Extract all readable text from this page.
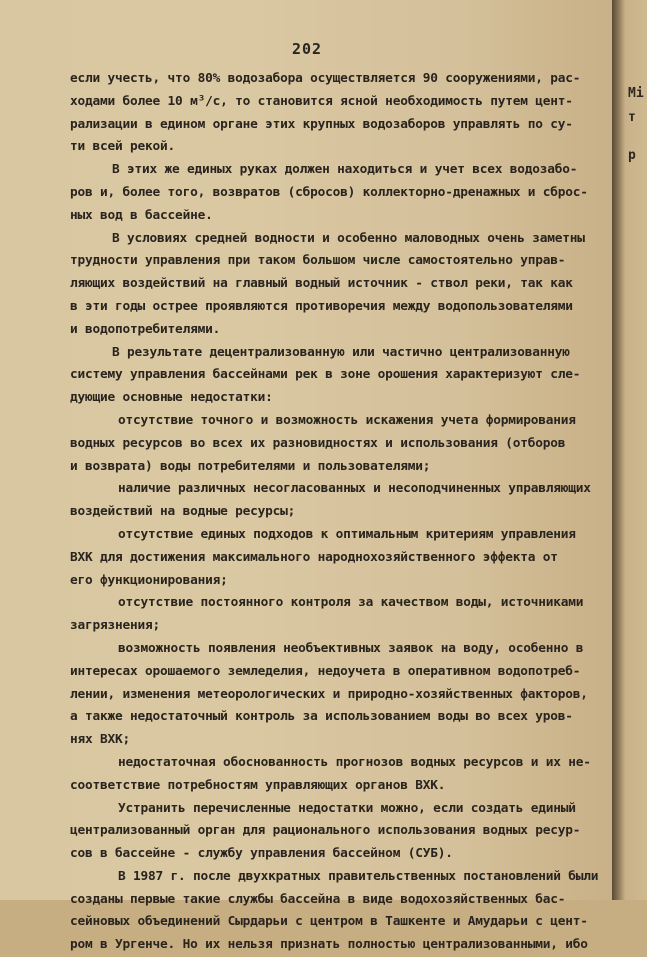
202
если учесть, что 80% водозабора осуществляется 90 сооружениями, рас-
ходами более 10 м³/с, то становится ясной необходимость путем цент-
рализации в едином органе этих крупных водозаборов управлять по су-
ти всей рекой.
В этих же единых руках должен находиться и учет всех водозабо-
ров и, более того, возвратов (сбросов) коллекторно-дренажных и сброс-
ных вод в бассейне.
В условиях средней водности и особенно маловодных очень заметны
трудности управления при таком большом числе самостоятельно управ-
ляющих воздействий на главный водный источник - ствол реки, так как
в эти годы острее проявляются противоречия между водопользователями
и водопотребителями.
В результате децентрализованную или частично централизованную
систему управления бассейнами рек в зоне орошения характеризуют сле-
дующие основные недостатки:
отсутствие точного и возможность искажения учета формирования
водных ресурсов во всех их разновидностях и использования (отборов
и возврата) воды потребителями и пользователями;
наличие различных несогласованных и несоподчиненных управляющих
воздействий на водные ресурсы;
отсутствие единых подходов к оптимальным критериям управления
ВХК для достижения максимального народнохозяйственного эффекта от
его функционирования;
отсутствие постоянного контроля за качеством воды, источниками
загрязнения;
возможность появления необъективных заявок на воду, особенно в
интересах орошаемого земледелия, недоучета в оперативном водопотреб-
лении, изменения метеорологических и природно-хозяйственных факторов,
а также недостаточный контроль за использованием воды во всех уров-
нях ВХК;
недостаточная обоснованность прогнозов водных ресурсов и их не-
соответствие потребностям управляющих органов ВХК.
Устранить перечисленные недостатки можно, если создать единый
централизованный орган для рационального использования водных ресур-
сов в бассейне - службу управления бассейном (СУБ).
В 1987 г. после двухкратных правительственных постановлений были
созданы первые такие службы бассейна в виде водохозяйственных бас-
сейновых объединений Сырдарьи с центром в Ташкенте и Амударьи с цент-
ром в Ургенче. Но их нельзя признать полностью централизованными, ибо
Mi
т
р
